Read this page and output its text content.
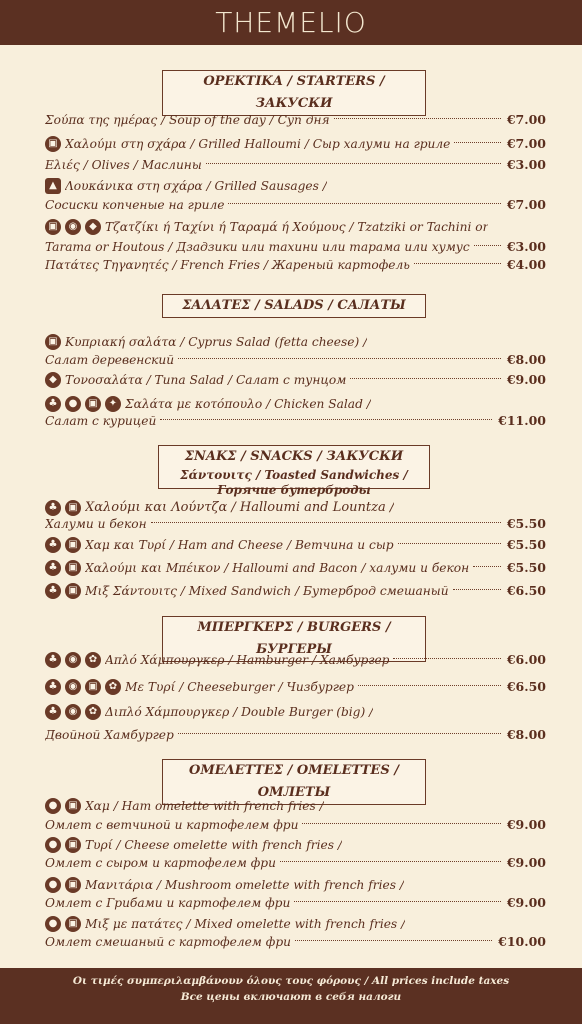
THEMELIO
ΟΡΕΚΤΙΚΑ / STARTERS / ЗАКУСКИ
Σούπα της ημέρας / Soup of the day / Суп дня	€7.00
▣ Χαλούμι στη σχάρα / Grilled Halloumi / Сыр халуми на гриле	€7.00
Ελιές / Olives / Маслины	€3.00
▲ Λουκάνικα στη σχάρα / Grilled Sausages /
Сосиски копченые на гриле	€7.00
▣	◉	◆ Τζατζίκι ή Ταχίνι ή Ταραμά ή Χούμους / Tzatziki or Tachini or
Tarama or Houtous / Дзадзики или тахини или тарама или хумус	€3.00
Πατάτες Τηγανητές / French Fries / Жареный картофель	€4.00
ΣΑΛΑΤΕΣ / SALADS / САЛАТЫ
▣ Κυπριακή σαλάτα / Cyprus Salad (fetta cheese) /
Салат деревенский	€8.00
◆ Τονοσαλάτα / Tuna Salad / Салат с тунцом	€9.00
♣	●	▣	✦ Σαλάτα με κοτόπουλο / Chicken Salad /
Салат с курицей	€11.00
ΣΝΑΚΣ / SNACKS / ЗАКУСКИ
Σάντουιτς / Toasted Sandwiches / Горячие бутерброды
♣	▣ Χαλούμι και Λούντζα / Halloumi and Lountza /
Халуми и бекон	€5.50
♣	▣ Χαμ και Τυρί / Ham and Cheese / Ветчина и сыр	€5.50
♣	▣ Χαλούμι και Μπέικον / Halloumi and Bacon / халуми и бекон	€5.50
♣	▣ Μιξ Σάντουιτς / Mixed Sandwich / Бутерброд смешаный	€6.50
ΜΠΕΡΓΚΕΡΣ / BURGERS / БУРГЕРЫ
♣	◉	✿ Απλό Χάμπουργκερ / Hamburger / Хамбургер	€6.00
♣	◉	▣	✿ Με Τυρί / Cheeseburger / Чизбургер	€6.50
♣	◉	✿ Διπλό Χάμπουργκερ / Double Burger (big) /
Двойной Хамбургер	€8.00
ΟΜΕΛΕΤΤΕΣ / OMELETTES / ОМЛЕТЫ
●	▣ Χαμ / Ham omelette with french fries /
Омлет с ветчиной и картофелем фри	€9.00
●	▣ Τυρί / Cheese omelette with french fries /
Омлет с сыром и картофелем фри	€9.00
●	▣ Μανιτάρια / Mushroom omelette with french fries /
Омлет с Грибами и картофелем фри	€9.00
●	▣ Μιξ με πατάτες / Mixed omelette with french fries /
Омлет смешаный с картофелем фри	€10.00
Οι τιμές συμπεριλαμβάνουν όλους τους φόρους / All prices include taxes
Все цены включают в себя налоги
